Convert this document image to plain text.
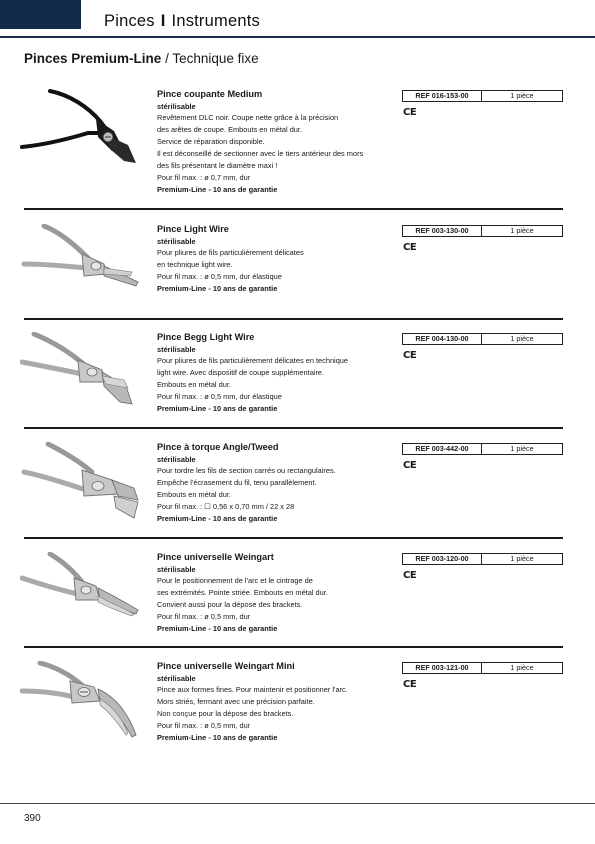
Pinces I Instruments
Pinces Premium-Line / Technique fixe
Pince coupante Medium
stérilisable
Revêtement DLC noir. Coupe nette grâce à la précision
des arêtes de coupe. Embouts en métal dur.
Service de réparation disponible.
Il est déconseillé de sectionner avec le tiers antérieur des mors
des fils présentant le diamètre maxi !
Pour fil max. : ø 0,7 mm, dur
Premium-Line - 10 ans de garantie
REF 016-153-00	1 pièce
CE
Pince Light Wire
stérilisable
Pour pliures de fils particulièrement délicates
en technique light wire.
Pour fil max. : ø 0,5 mm, dur élastique
Premium-Line - 10 ans de garantie
REF 003-130-00	1 pièce
CE
Pince Begg Light Wire
stérilisable
Pour pliures de fils particulièrement délicates en technique
light wire. Avec dispositif de coupe supplémentaire.
Embouts en métal dur.
Pour fil max. : ø 0,5 mm, dur élastique
Premium-Line - 10 ans de garantie
REF 004-130-00	1 pièce
CE
Pince à torque Angle/Tweed
stérilisable
Pour tordre les fils de section carrés ou rectangulaires.
Empêche l'écrasement du fil, tenu parallèlement.
Embouts en métal dur.
Pour fil max. : ☐ 0,56 x 0,70 mm / 22 x 28
Premium-Line - 10 ans de garantie
REF 003-442-00	1 pièce
CE
Pince universelle Weingart
stérilisable
Pour le positionnement de l'arc et le cintrage de
ses extrémités. Pointe striée. Embouts en métal dur.
Convient aussi pour la dépose des brackets.
Pour fil max. : ø 0,5 mm, dur
Premium-Line - 10 ans de garantie
REF 003-120-00	1 pièce
CE
Pince universelle Weingart Mini
stérilisable
Pince aux formes fines. Pour maintenir et positionner l'arc.
Mors striés, fermant avec une précision parfaite.
Non conçue pour la dépose des brackets.
Pour fil max. : ø 0,5 mm, dur
Premium-Line - 10 ans de garantie
REF 003-121-00	1 pièce
CE
390
